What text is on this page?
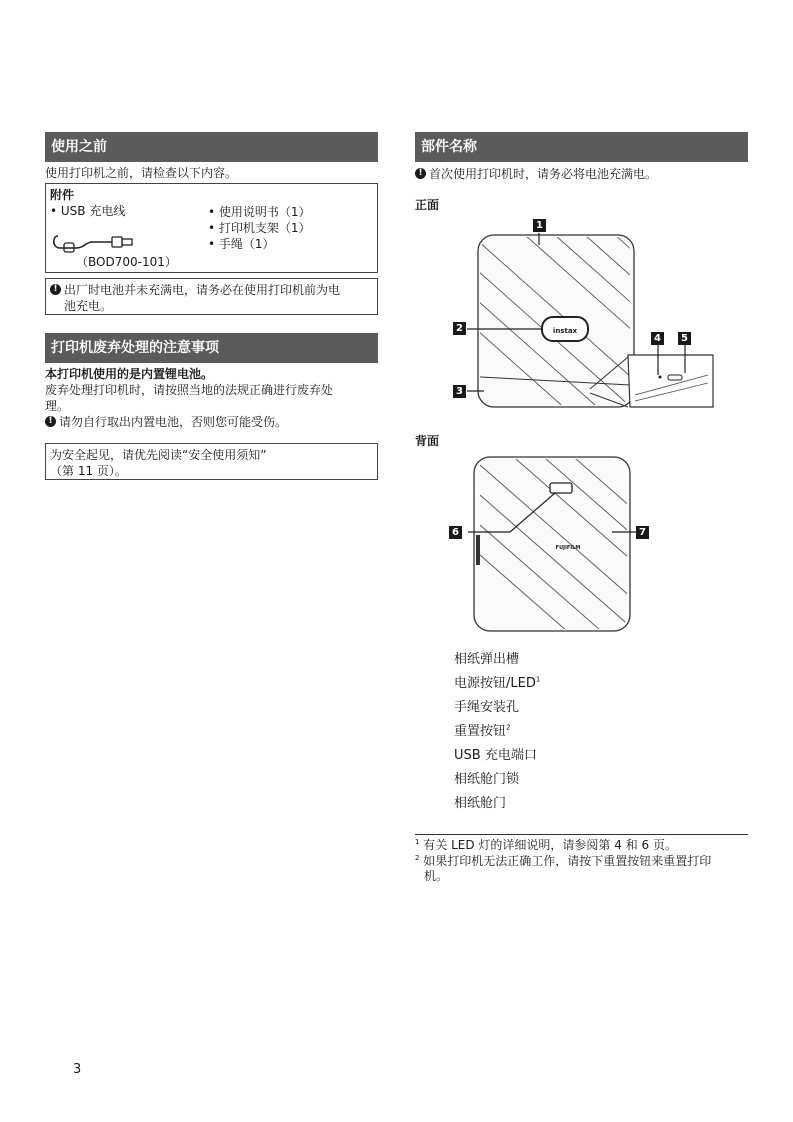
使用之前
使用打印机之前，请检查以下内容。
附件
• USB 充电线
（BOD700-101）
• 使用说明书（1）
• 打印机支架（1）
• 手绳（1）
! 出厂时电池并未充满电，请务必在使用打印机前为电
池充电。
打印机废弃处理的注意事项
本打印机使用的是内置锂电池。
废弃处理打印机时，请按照当地的法规正确进行废弃处
理。
! 请勿自行取出内置电池，否则您可能受伤。
为安全起见，请优先阅读“安全使用须知”
（第 11 页）。
部件名称
! 首次使用打印机时，请务必将电池充满电。
正面
instax
1
2
3
4	5
背面
FUJIFILM
6	7
相纸弹出槽
电源按钮/LED$^1$
手绳安装孔
重置按钮$^2$
USB 充电端口
相纸舱门锁
相纸舱门
$^1$ 有关 LED 灯的详细说明，请参阅第 4 和 6 页。
$^2$ 如果打印机无法正确工作，请按下重置按钮来重置打印
机。
3
